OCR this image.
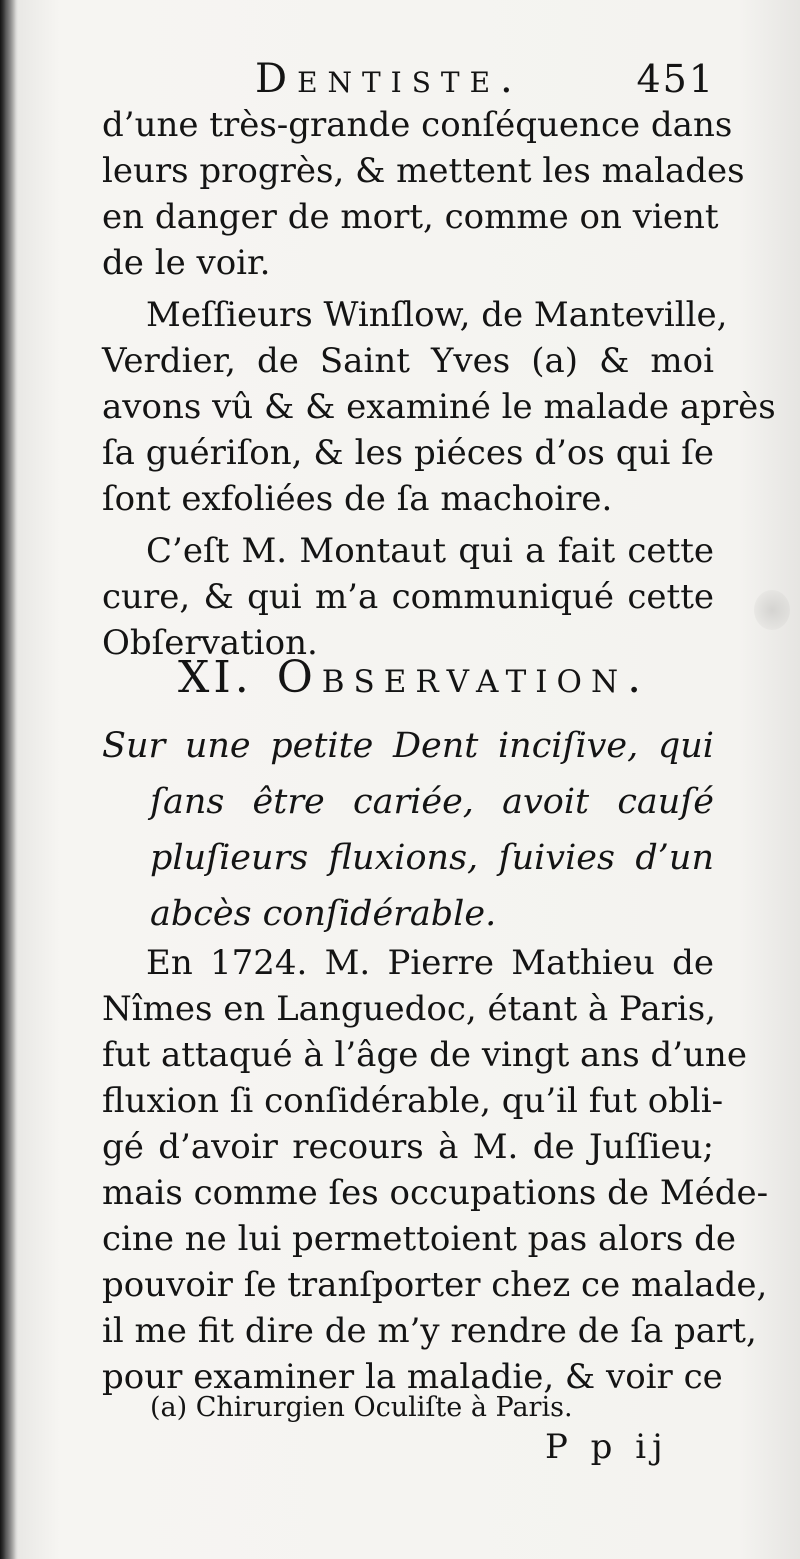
Dentiste.	451
d’une très-grande conſéquence dans
leurs progrès, & mettent les malades
en danger de mort, comme on vient
de le voir.
Meſſieurs Winſlow, de Manteville,
Verdier, de Saint Yves (a) & moi
avons vû & & examiné le malade après
ſa guériſon, & les piéces d’os qui ſe
ſont exfoliées de ſa machoire.
C’eſt M. Montaut qui a fait cette
cure, & qui m’a communiqué cette
Obſervation.
XI. Observation.
Sur une petite Dent inciſive, qui
ſans être cariée, avoit cauſé
pluſieurs fluxions, ſuivies d’un
abcès conſidérable.
En 1724. M. Pierre Mathieu de
Nîmes en Languedoc, étant à Paris,
fut attaqué à l’âge de vingt ans d’une
fluxion ſi conſidérable, qu’il fut obli-
gé d’avoir recours à M. de Juſſieu;
mais comme ſes occupations de Méde-
cine ne lui permettoient pas alors de
pouvoir ſe tranſporter chez ce malade,
il me fit dire de m’y rendre de ſa part,
pour examiner la maladie, & voir ce
(a) Chirurgien Oculiſte à Paris.
P p ij
